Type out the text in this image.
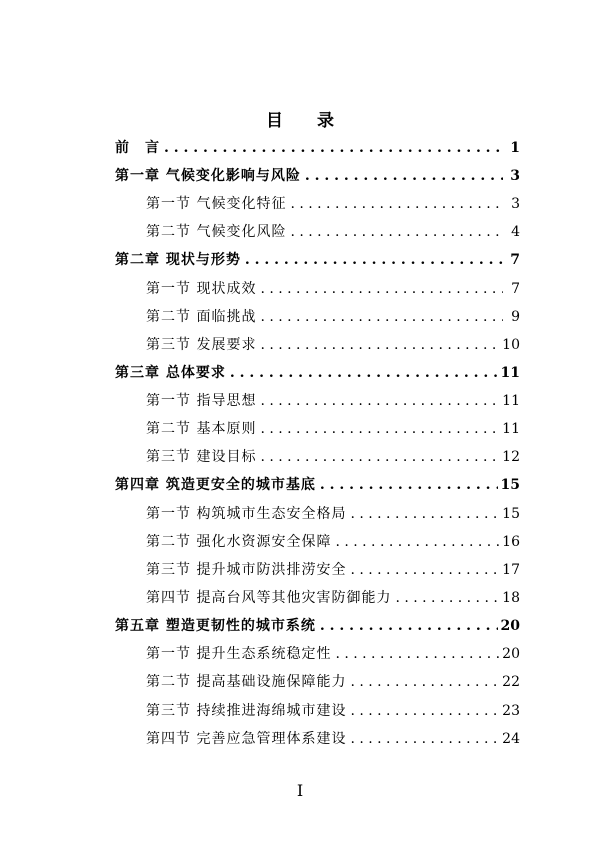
目 录
前　言 . . .	1
第一章 气候变化影响与风险 . . .	3
第一节 气候变化特征 . . .	3
第二节 气候变化风险 . . .	4
第二章 现状与形势 . . .	7
第一节 现状成效 . . .	7
第二节 面临挑战 . . .	9
第三节 发展要求 . . .	10
第三章 总体要求 . . .	11
第一节 指导思想 . . .	11
第二节 基本原则 . . .	11
第三节 建设目标 . . .	12
第四章 筑造更安全的城市基底 . . .	15
第一节 构筑城市生态安全格局 . . .	15
第二节 强化水资源安全保障 . . .	16
第三节 提升城市防洪排涝安全 . . .	17
第四节 提高台风等其他灾害防御能力 . . .	18
第五章 塑造更韧性的城市系统 . . .	20
第一节 提升生态系统稳定性 . . .	20
第二节 提高基础设施保障能力 . . .	22
第三节 持续推进海绵城市建设 . . .	23
第四节 完善应急管理体系建设 . . .	24
I
